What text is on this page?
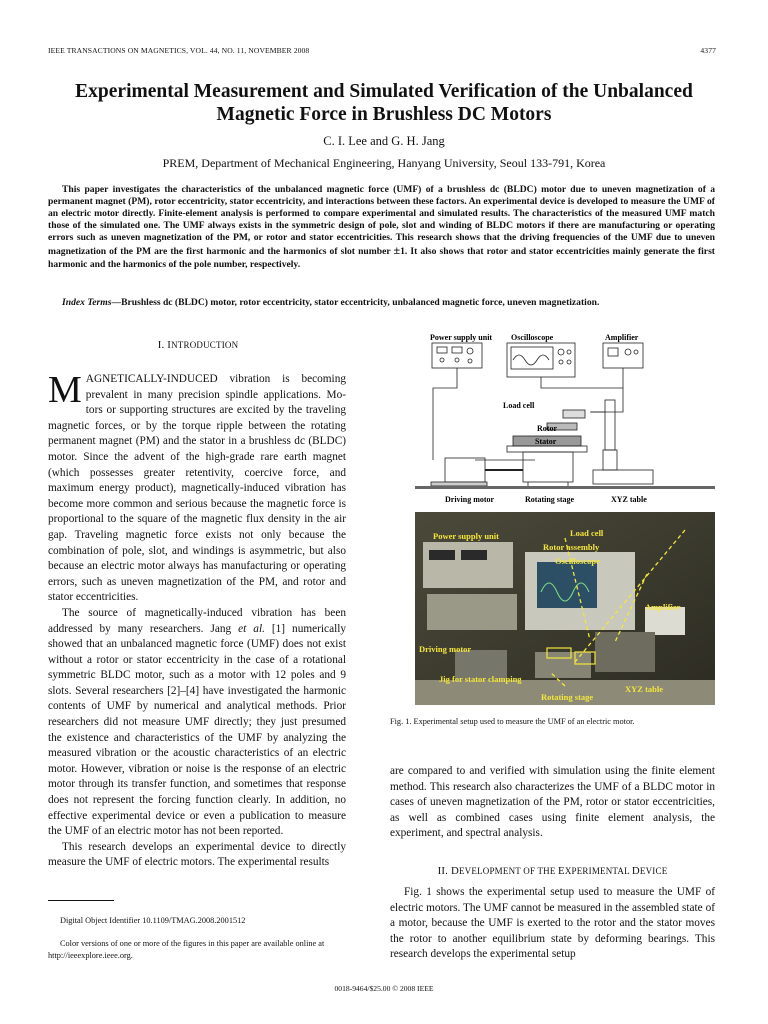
IEEE TRANSACTIONS ON MAGNETICS, VOL. 44, NO. 11, NOVEMBER 2008	4377
Experimental Measurement and Simulated Verification of the Unbalanced
Magnetic Force in Brushless DC Motors
C. I. Lee and G. H. Jang
PREM, Department of Mechanical Engineering, Hanyang University, Seoul 133-791, Korea
This paper investigates the characteristics of the unbalanced magnetic force (UMF) of a brushless dc (BLDC) motor due to uneven magnetization of a permanent magnet (PM), rotor eccentricity, stator eccentricity, and interactions between these factors. An experimental device is developed to measure the UMF of an electric motor directly. Finite-element analysis is performed to compare experimental and simulated results. The characteristics of the measured UMF match those of the simulated one. The UMF always exists in the symmetric design of pole, slot and winding of BLDC motors if there are manufacturing or operating errors such as uneven magnetization of the PM, or rotor and stator eccentricities. This research shows that the driving frequencies of the UMF due to uneven magnetization of the PM are the first harmonic and the harmonics of slot number ±1. It also shows that rotor and stator eccentricities mainly generate the first harmonic and the harmonics of the pole number, respectively.
Index Terms—Brushless dc (BLDC) motor, rotor eccentricity, stator eccentricity, unbalanced magnetic force, uneven magnetization.
I. INTRODUCTION

MAGNETICALLY-INDUCED vibration is becoming prevalent in many precision spindle applications. Mo- tors or supporting structures are excited by the traveling magnetic forces, or by the torque ripple between the rotating permanent magnet (PM) and the stator in a brushless dc (BLDC) motor. Since the advent of the high-grade rare earth magnet (which possesses greater retentivity, coercive force, and maximum energy product), magnetically-induced vibration has become more common and serious because the magnetic force is proportional to the square of the magnetic flux density in the air gap. Traveling magnetic force exists not only because the combination of pole, slot, and windings is asymmetric, but also because an electric motor always has manufacturing or operating errors, such as uneven magnetization of the PM, and rotor and stator eccentricities.

The source of magnetically-induced vibration has been addressed by many researchers. Jang et al. [1] numerically showed that an unbalanced magnetic force (UMF) does not exist without a rotor or stator eccentricity in the case of a rotational symmetric BLDC motor, such as a motor with 12 poles and 9 slots. Several researchers [2]–[4] have investigated the harmonic contents of UMF by numerical and analytical methods. Prior researchers did not measure UMF directly; they just presumed the existence and characteristics of the UMF by analyzing the measured vibration or the acoustic characteristics of an electric motor. However, vibration or noise is the response of an electric motor through its transfer function, and sometimes that response does not represent the forcing function clearly. In addition, no effective experimental device or even a publication to measure the UMF of an electric motor has not been reported.

This research develops an experimental device to directly measure the UMF of electric motors. The experimental results

Power supply unit Oscilloscope	Amplifier
Load cell
Rotor
Stator
Driving motor	Rotating stage	XYZ table
Power supply unit	Load cell
Rotor assembly
Oscilloscope
Amplifier
Driving motor
Jig for stator clamping
XYZ table
Rotating stage
Fig. 1. Experimental setup used to measure the UMF of an electric motor.
are compared to and verified with simulation using the finite element method. This research also characterizes the UMF of a BLDC motor in cases of uneven magnetization of the PM, rotor or stator eccentricities, as well as combined cases using finite element analysis, the experiment, and spectral analysis.
II. DEVELOPMENT OF THE EXPERIMENTAL DEVICE
Fig. 1 shows the experimental setup used to measure the UMF of electric motors. The UMF cannot be measured in the assembled state of a motor, because the UMF is exerted to the rotor and the stator moves the rotor to another equilibrium state by deforming bearings. This research develops the experimental setup
Digital Object Identifier 10.1109/TMAG.2008.2001512
Color versions of one or more of the figures in this paper are available online at http://ieeexplore.ieee.org.
0018-9464/$25.00 © 2008 IEEE
